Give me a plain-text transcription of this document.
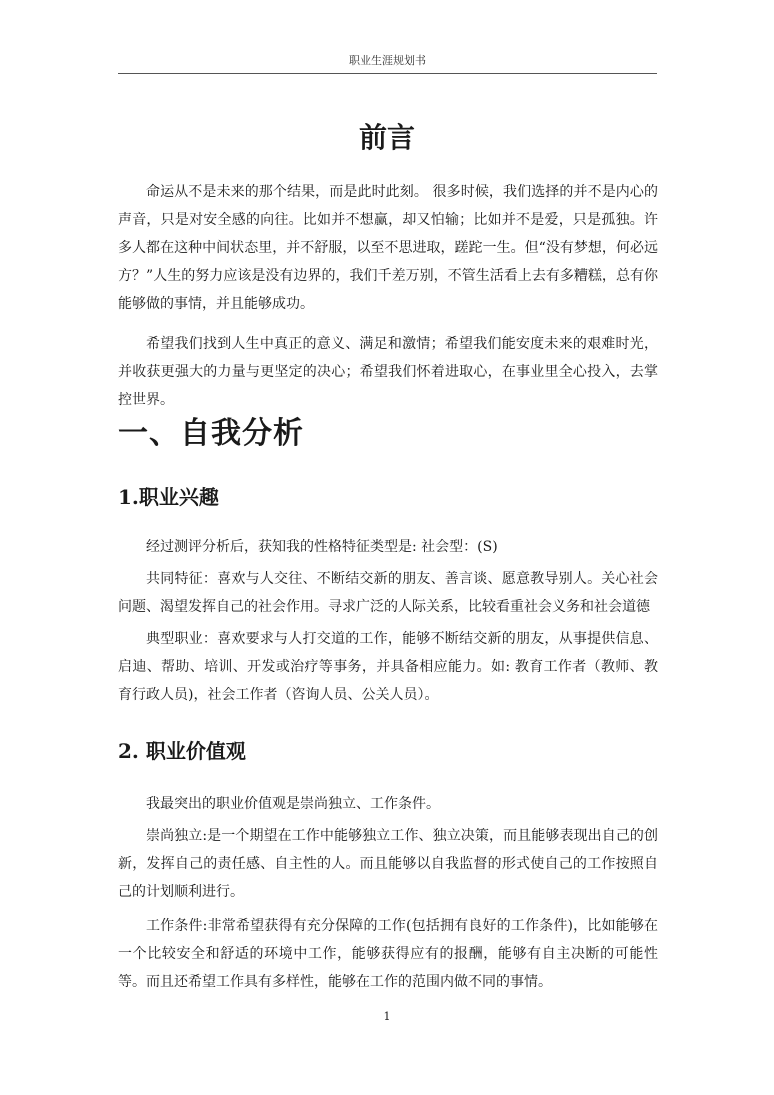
职业生涯规划书
前言

命运从不是未来的那个结果，而是此时此刻。 很多时候，我们选择的并不是内心的声音，只是对安全感的向往。比如并不想赢，却又怕输；比如并不是爱，只是孤独。许多人都在这种中间状态里，并不舒服，以至不思进取，蹉跎一生。但“没有梦想，何必远方？”人生的努力应该是没有边界的，我们千差万别，不管生活看上去有多糟糕，总有你能够做的事情，并且能够成功。

希望我们找到人生中真正的意义、满足和激情；希望我们能安度未来的艰难时光，并收获更强大的力量与更坚定的决心；希望我们怀着进取心，在事业里全心投入，去掌控世界。

一、自我分析
1.职业兴趣

经过测评分析后，获知我的性格特征类型是: 社会型：(S)

共同特征：喜欢与人交往、不断结交新的朋友、善言谈、愿意教导别人。关心社会问题、渴望发挥自己的社会作用。寻求广泛的人际关系，比较看重社会义务和社会道德

典型职业：喜欢要求与人打交道的工作，能够不断结交新的朋友，从事提供信息、启迪、帮助、培训、开发或治疗等事务，并具备相应能力。如: 教育工作者（教师、教育行政人员)，社会工作者（咨询人员、公关人员）。

2. 职业价值观

我最突出的职业价值观是崇尚独立、工作条件。

崇尚独立:是一个期望在工作中能够独立工作、独立决策，而且能够表现出自己的创新，发挥自己的责任感、自主性的人。而且能够以自我监督的形式使自己的工作按照自己的计划顺利进行。

工作条件:非常希望获得有充分保障的工作(包括拥有良好的工作条件)，比如能够在一个比较安全和舒适的环境中工作，能够获得应有的报酬，能够有自主决断的可能性等。而且还希望工作具有多样性，能够在工作的范围内做不同的事情。

1
